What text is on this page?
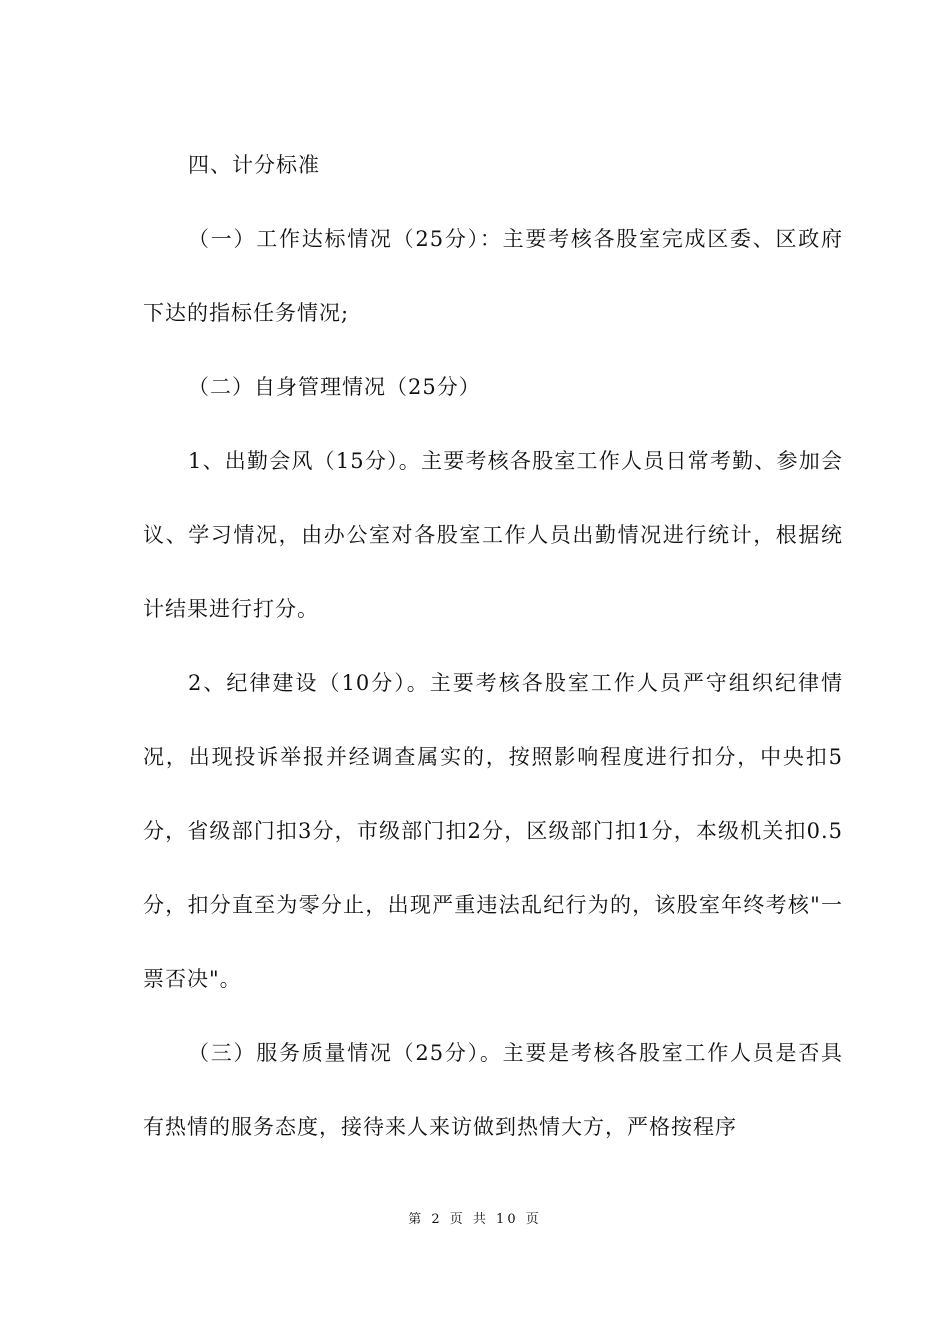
四、计分标准

（一）工作达标情况（25分）：主要考核各股室完成区委、区政府下达的指标任务情况;

（二）自身管理情况（25分）

1、出勤会风（15分）。主要考核各股室工作人员日常考勤、参加会议、学习情况，由办公室对各股室工作人员出勤情况进行统计，根据统计结果进行打分。

2、纪律建设（10分）。主要考核各股室工作人员严守组织纪律情况，出现投诉举报并经调查属实的，按照影响程度进行扣分，中央扣5分，省级部门扣3分，市级部门扣2分，区级部门扣1分，本级机关扣0.5分，扣分直至为零分止，出现严重违法乱纪行为的，该股室年终考核"一票否决"。

（三）服务质量情况（25分）。主要是考核各股室工作人员是否具有热情的服务态度，接待来人来访做到热情大方，严格按程序

第 2 页 共 10 页
